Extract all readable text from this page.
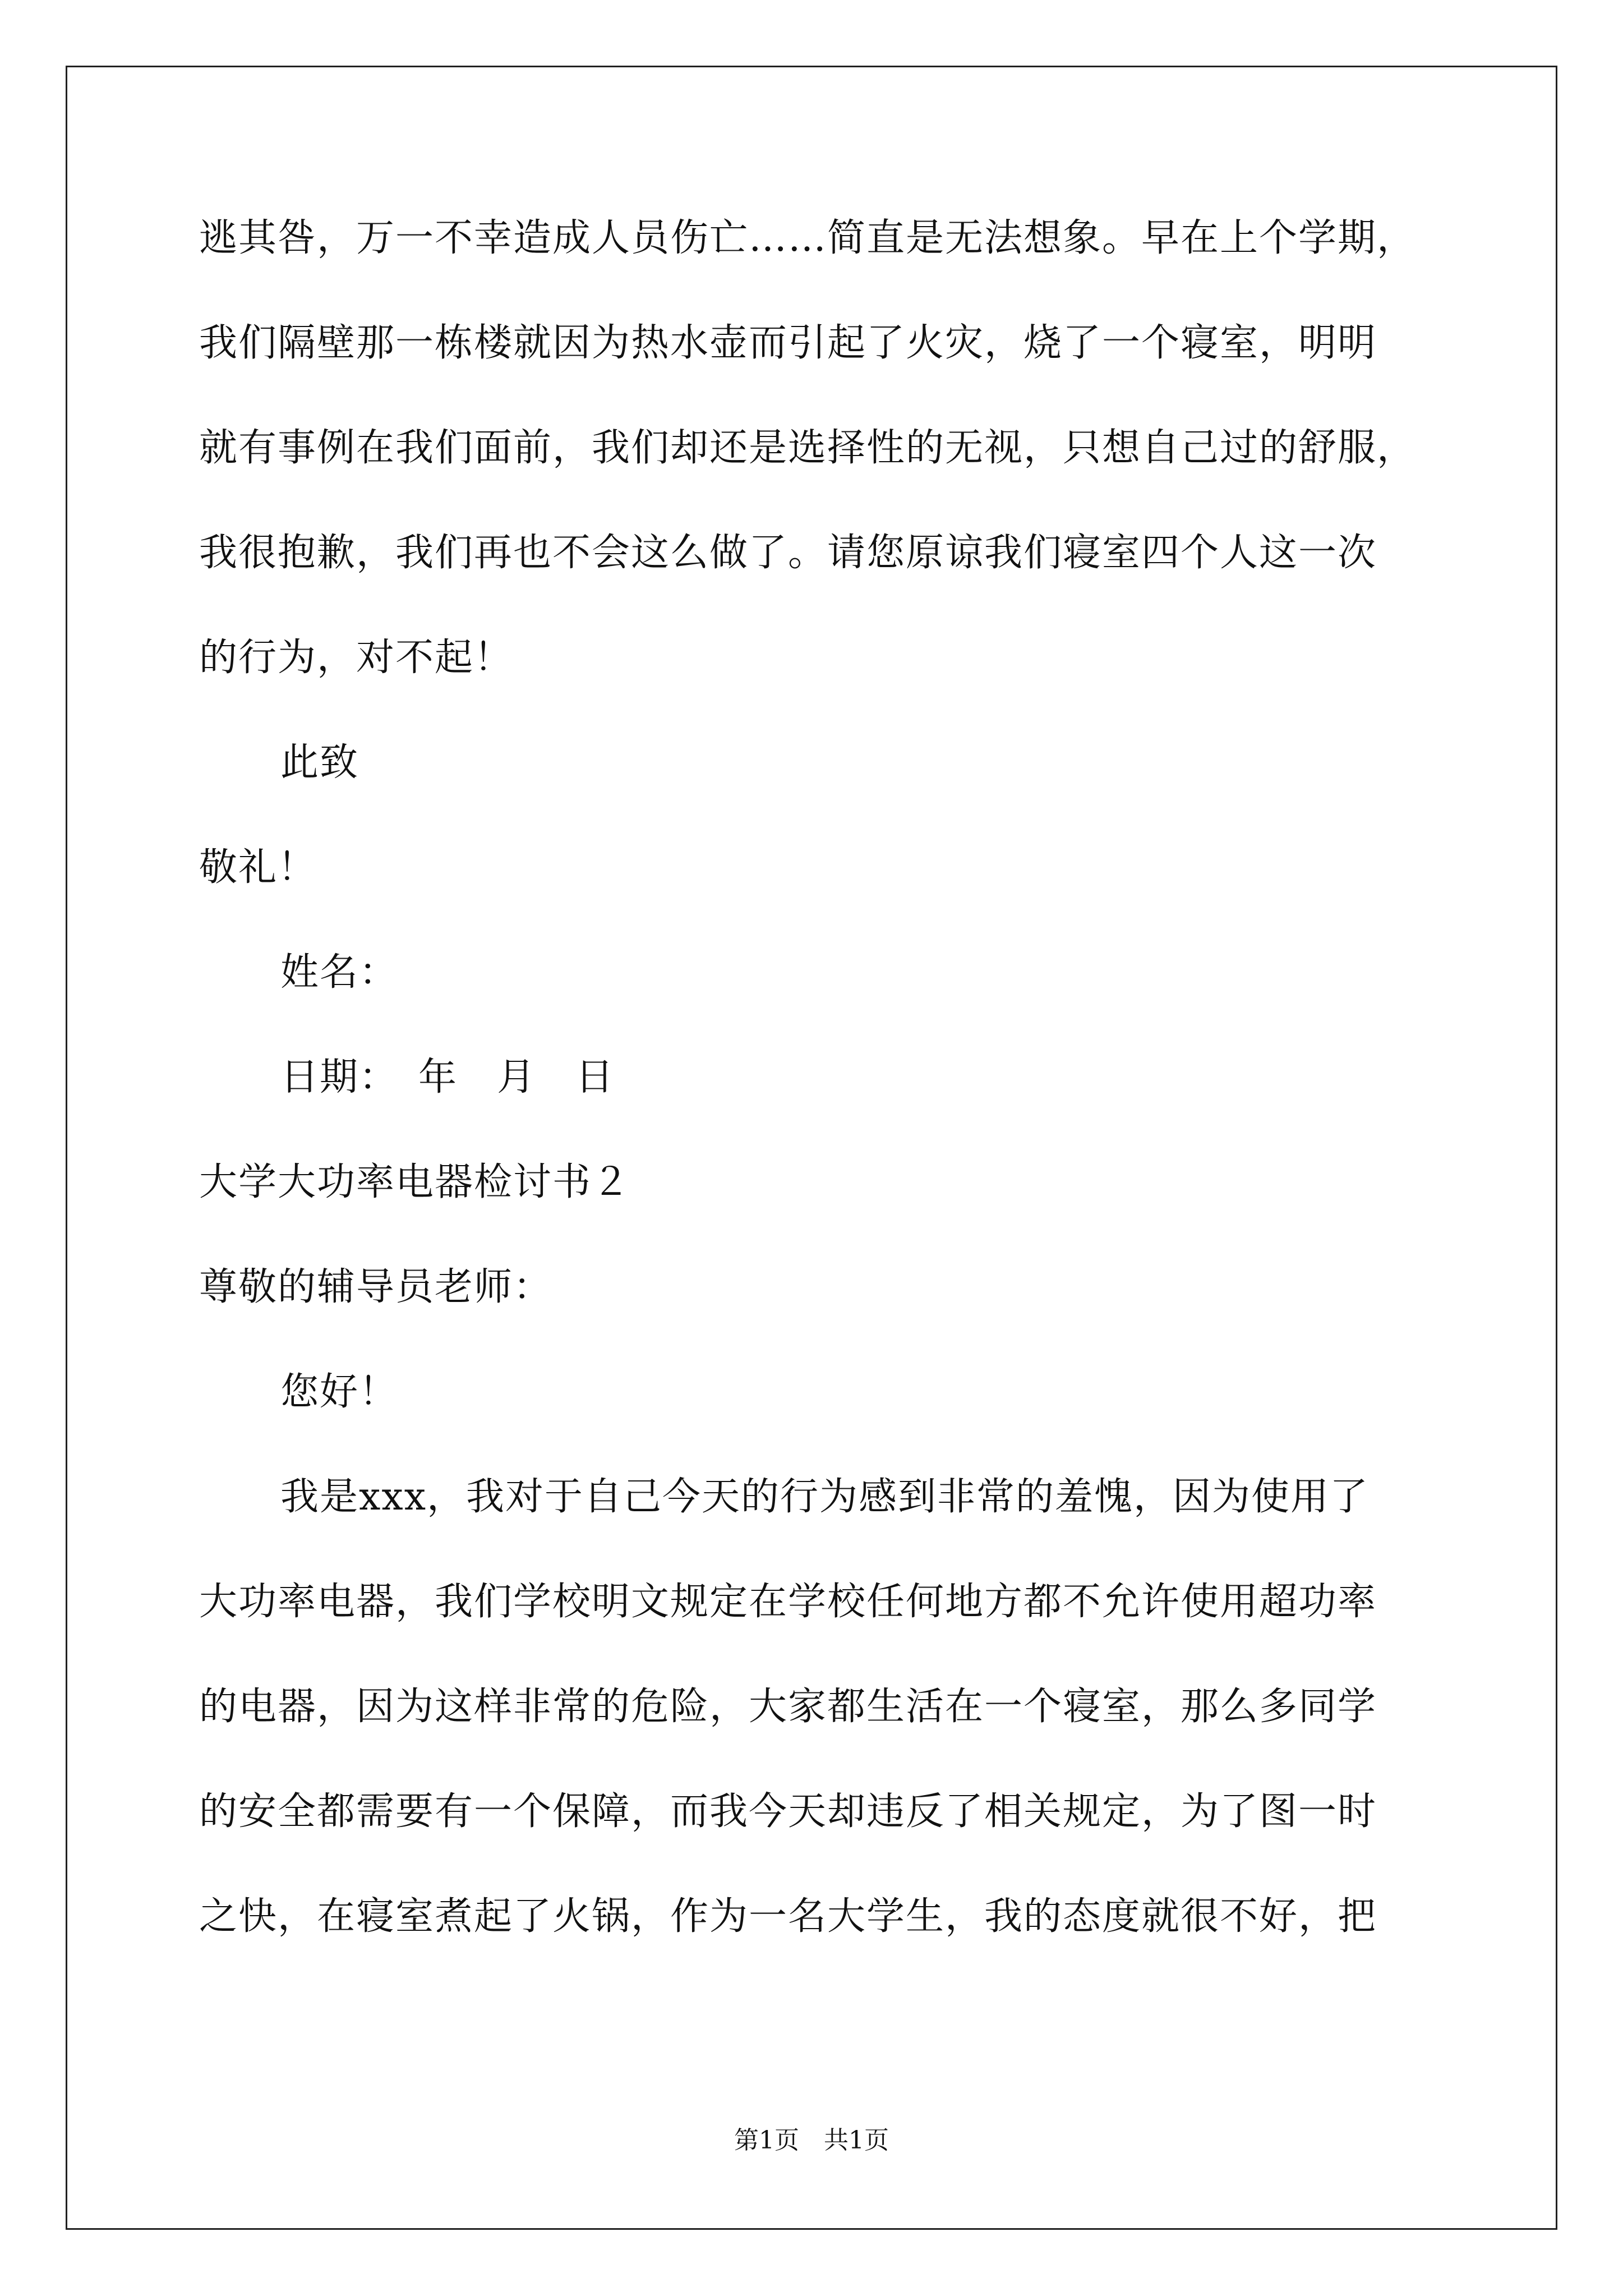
逃其咎，万一不幸造成人员伤亡……简直是无法想象。早在上个学期，
我们隔壁那一栋楼就因为热水壶而引起了火灾，烧了一个寝室，明明
就有事例在我们面前，我们却还是选择性的无视，只想自己过的舒服，
我很抱歉，我们再也不会这么做了。请您原谅我们寝室四个人这一次
的行为，对不起！
此致
敬礼！
姓名：
日期：　年　月　日
大学大功率电器检讨书２
尊敬的辅导员老师：
您好！
我是xxx，我对于自己今天的行为感到非常的羞愧，因为使用了
大功率电器，我们学校明文规定在学校任何地方都不允许使用超功率
的电器，因为这样非常的危险，大家都生活在一个寝室，那么多同学
的安全都需要有一个保障，而我今天却违反了相关规定，为了图一时
之快，在寝室煮起了火锅，作为一名大学生，我的态度就很不好，把
第1页　共1页
